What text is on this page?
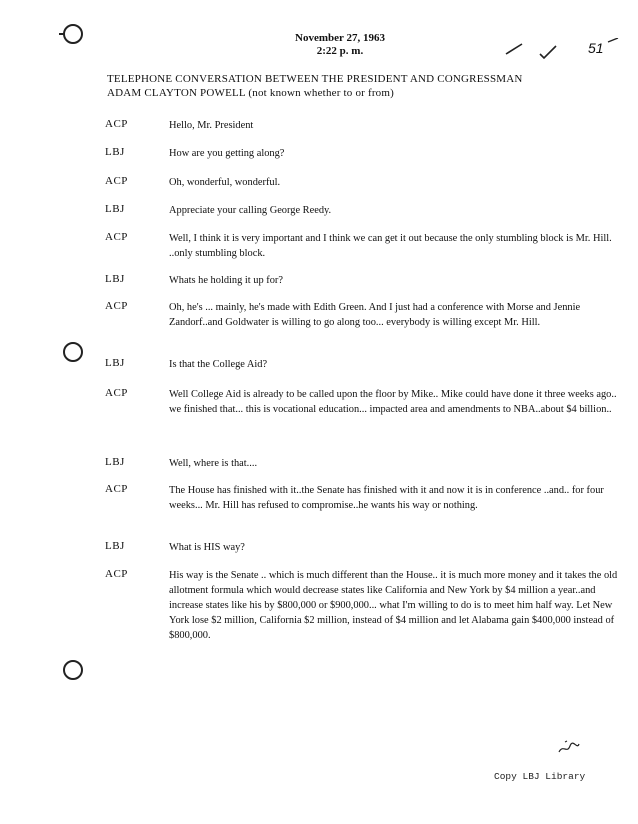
November 27, 1963
2:22 p. m.	51
TELEPHONE CONVERSATION BETWEEN THE PRESIDENT AND CONGRESSMAN
ADAM CLAYTON POWELL (not known whether to or from)
ACP	Hello, Mr. President
LBJ	How are you getting along?
ACP	Oh, wonderful, wonderful.
LBJ	Appreciate your calling George Reedy.
ACP	Well, I think it is very important and I think we can get it out because the only stumbling block is Mr. Hill. ..only stumbling block.
LBJ	Whats he holding it up for?
ACP	Oh, he's ... mainly, he's made with Edith Green. And I just had a conference with Morse and Jennie Zandorf..and Goldwater is willing to go along too... everybody is willing except Mr. Hill.
LBJ	Is that the College Aid?
ACP	Well College Aid is already to be called upon the floor by Mike.. Mike could have done it three weeks ago.. we finished that... this is vocational education... impacted area and amendments to NBA..about $4 billion..
LBJ	Well, where is that....
ACP	The House has finished with it..the Senate has finished with it and now it is in conference ..and.. for four weeks... Mr. Hill has refused to compromise..he wants his way or nothing.
LBJ	What is HIS way?
ACP	His way is the Senate .. which is much different than the House.. it is much more money and it takes the old allotment formula which would decrease states like California and New York by $4 million a year..and increase states like his by $800,000 or $900,000... what I'm willing to do is to meet him half way. Let New York lose $2 million, California $2 million, instead of $4 million and let Alabama gain $400,000 instead of $800,000.
Copy LBJ Library
